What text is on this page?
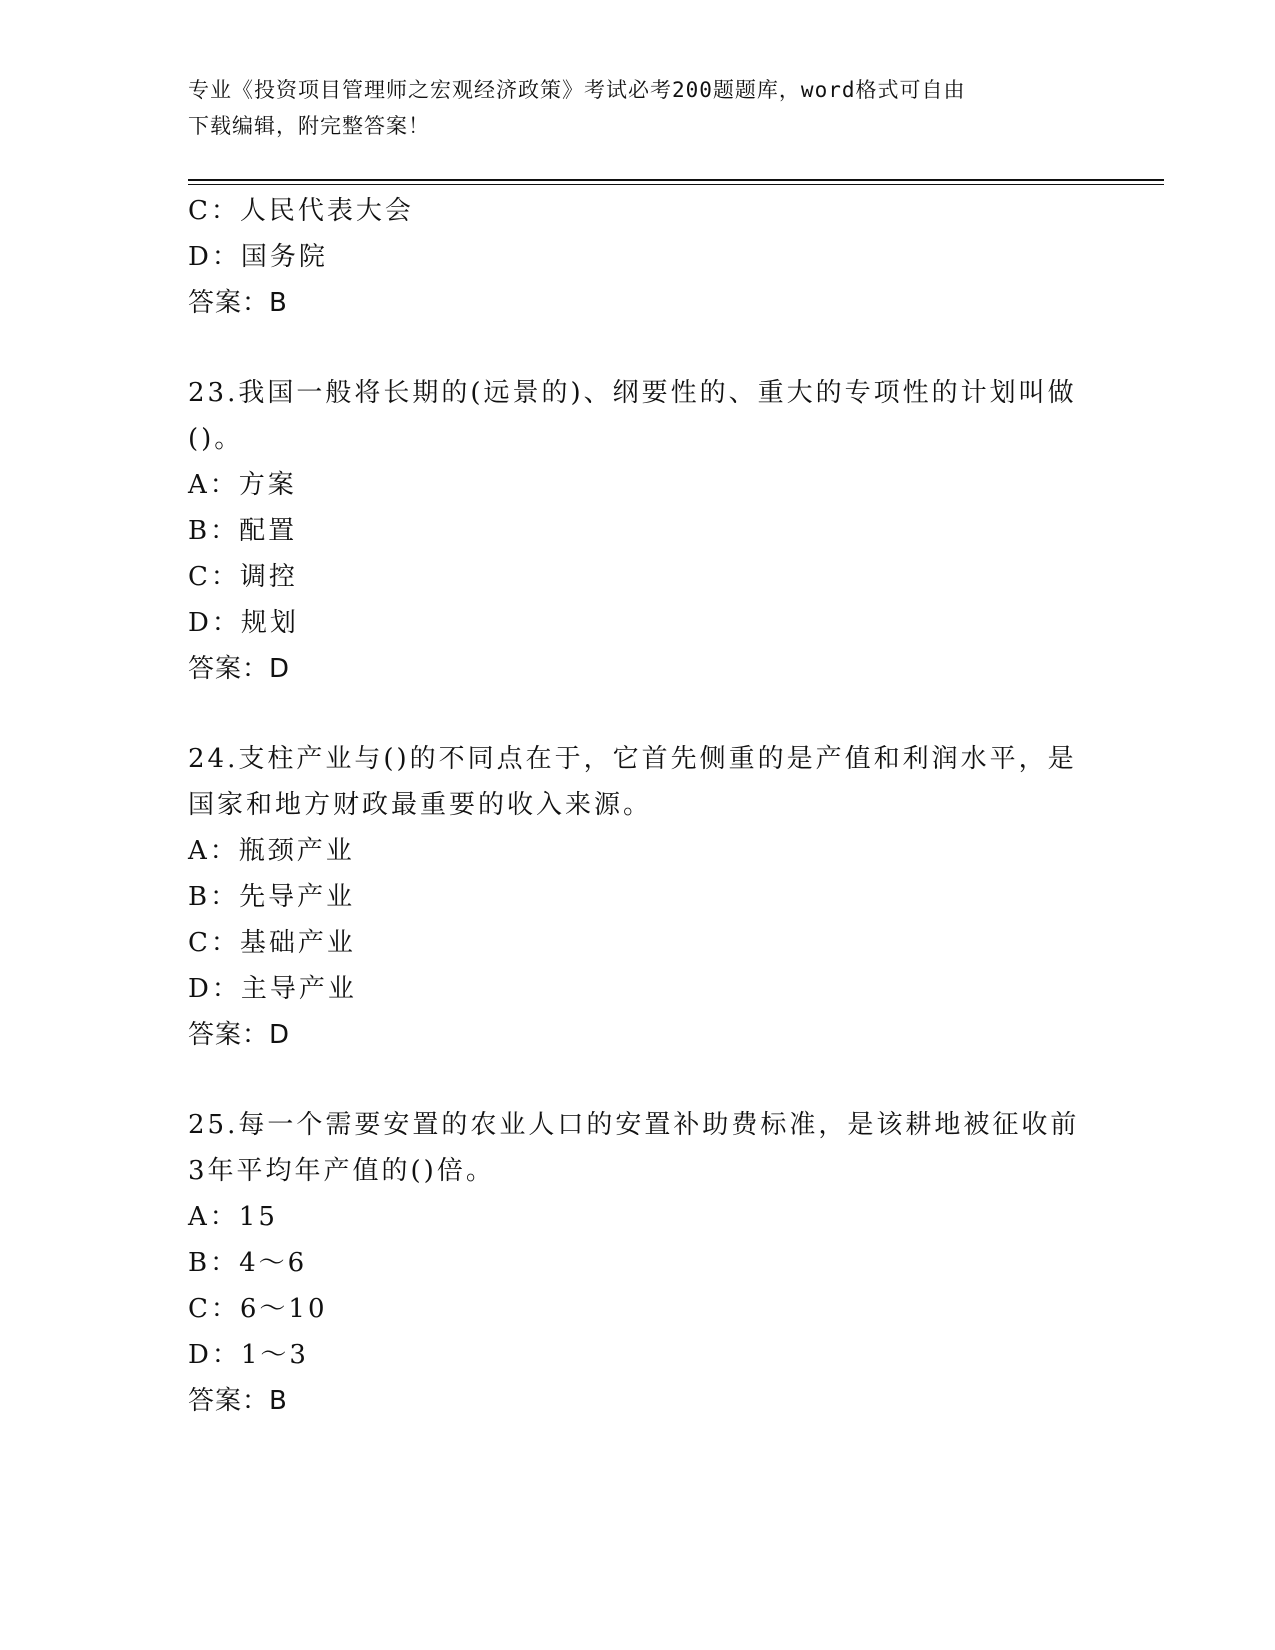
专业《投资项目管理师之宏观经济政策》考试必考200题题库，word格式可自由
下载编辑，附完整答案！
C：人民代表大会
D：国务院
答案：B
23.我国一般将长期的(远景的)、纲要性的、重大的专项性的计划叫做
()。
A：方案
B：配置
C：调控
D：规划
答案：D
24.支柱产业与()的不同点在于，它首先侧重的是产值和利润水平，是
国家和地方财政最重要的收入来源。
A：瓶颈产业
B：先导产业
C：基础产业
D：主导产业
答案：D
25.每一个需要安置的农业人口的安置补助费标准，是该耕地被征收前
3年平均年产值的()倍。
A：15
B：4～6
C：6～10
D：1～3
答案：B
